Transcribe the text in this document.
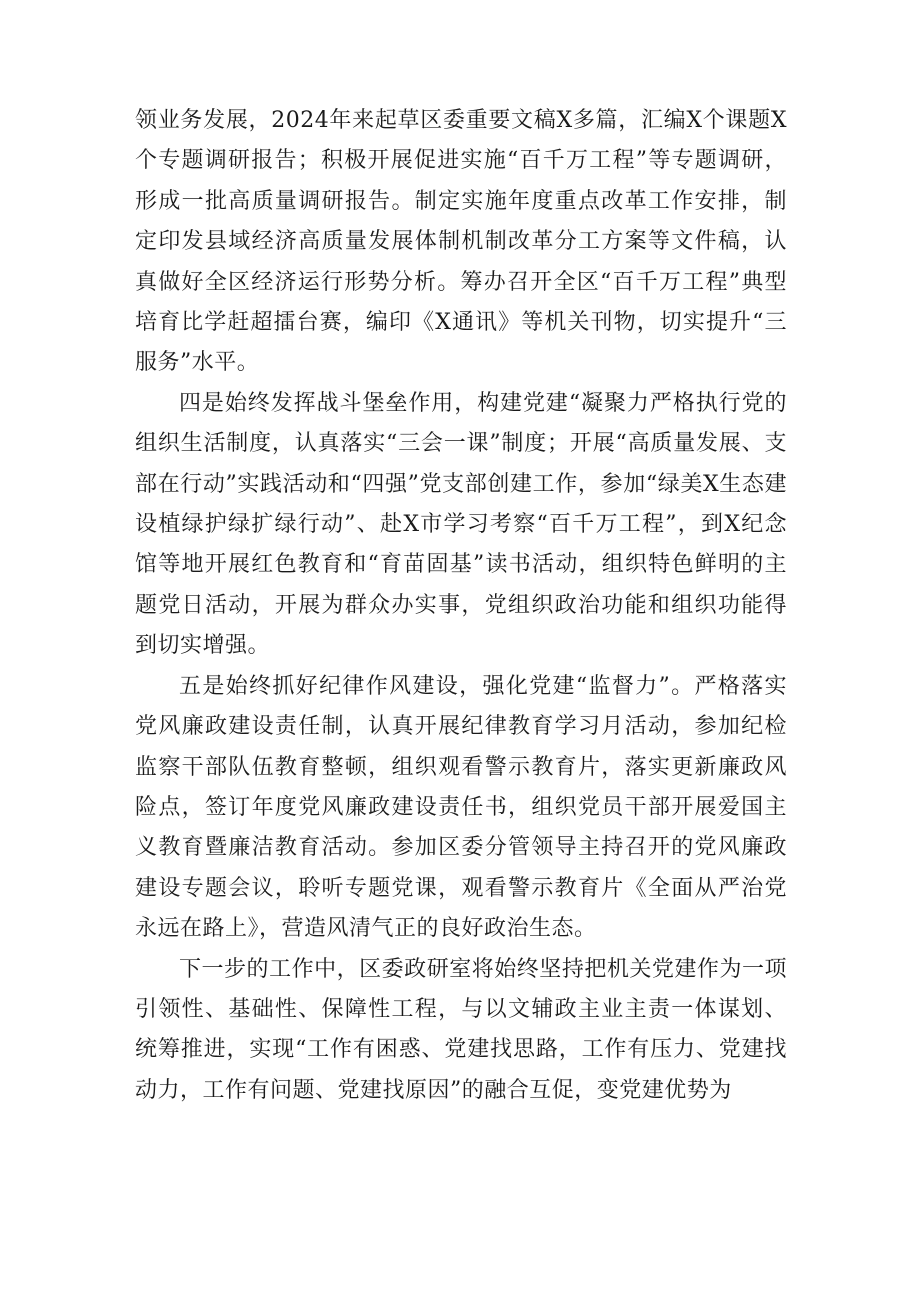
领业务发展，2024年来起草区委重要文稿X多篇，汇编X个课题X个专题调研报告；积极开展促进实施“百千万工程”等专题调研，形成一批高质量调研报告。制定实施年度重点改革工作安排，制定印发县域经济高质量发展体制机制改革分工方案等文件稿，认真做好全区经济运行形势分析。筹办召开全区“百千万工程”典型培育比学赶超擂台赛，编印《X通讯》等机关刊物，切实提升“三服务”水平。

四是始终发挥战斗堡垒作用，构建党建“凝聚力严格执行党的组织生活制度，认真落实“三会一课”制度；开展“高质量发展、支部在行动”实践活动和“四强”党支部创建工作，参加“绿美X生态建设植绿护绿扩绿行动”、赴X市学习考察“百千万工程”，到X纪念馆等地开展红色教育和“育苗固基”读书活动，组织特色鲜明的主题党日活动，开展为群众办实事，党组织政治功能和组织功能得到切实增强。

五是始终抓好纪律作风建设，强化党建“监督力”。严格落实党风廉政建设责任制，认真开展纪律教育学习月活动，参加纪检监察干部队伍教育整顿，组织观看警示教育片，落实更新廉政风险点，签订年度党风廉政建设责任书，组织党员干部开展爱国主义教育暨廉洁教育活动。参加区委分管领导主持召开的党风廉政建设专题会议，聆听专题党课，观看警示教育片《全面从严治党永远在路上》，营造风清气正的良好政治生态。

下一步的工作中，区委政研室将始终坚持把机关党建作为一项引领性、基础性、保障性工程，与以文辅政主业主责一体谋划、统筹推进，实现“工作有困惑、党建找思路，工作有压力、党建找动力，工作有问题、党建找原因”的融合互促，变党建优势为
